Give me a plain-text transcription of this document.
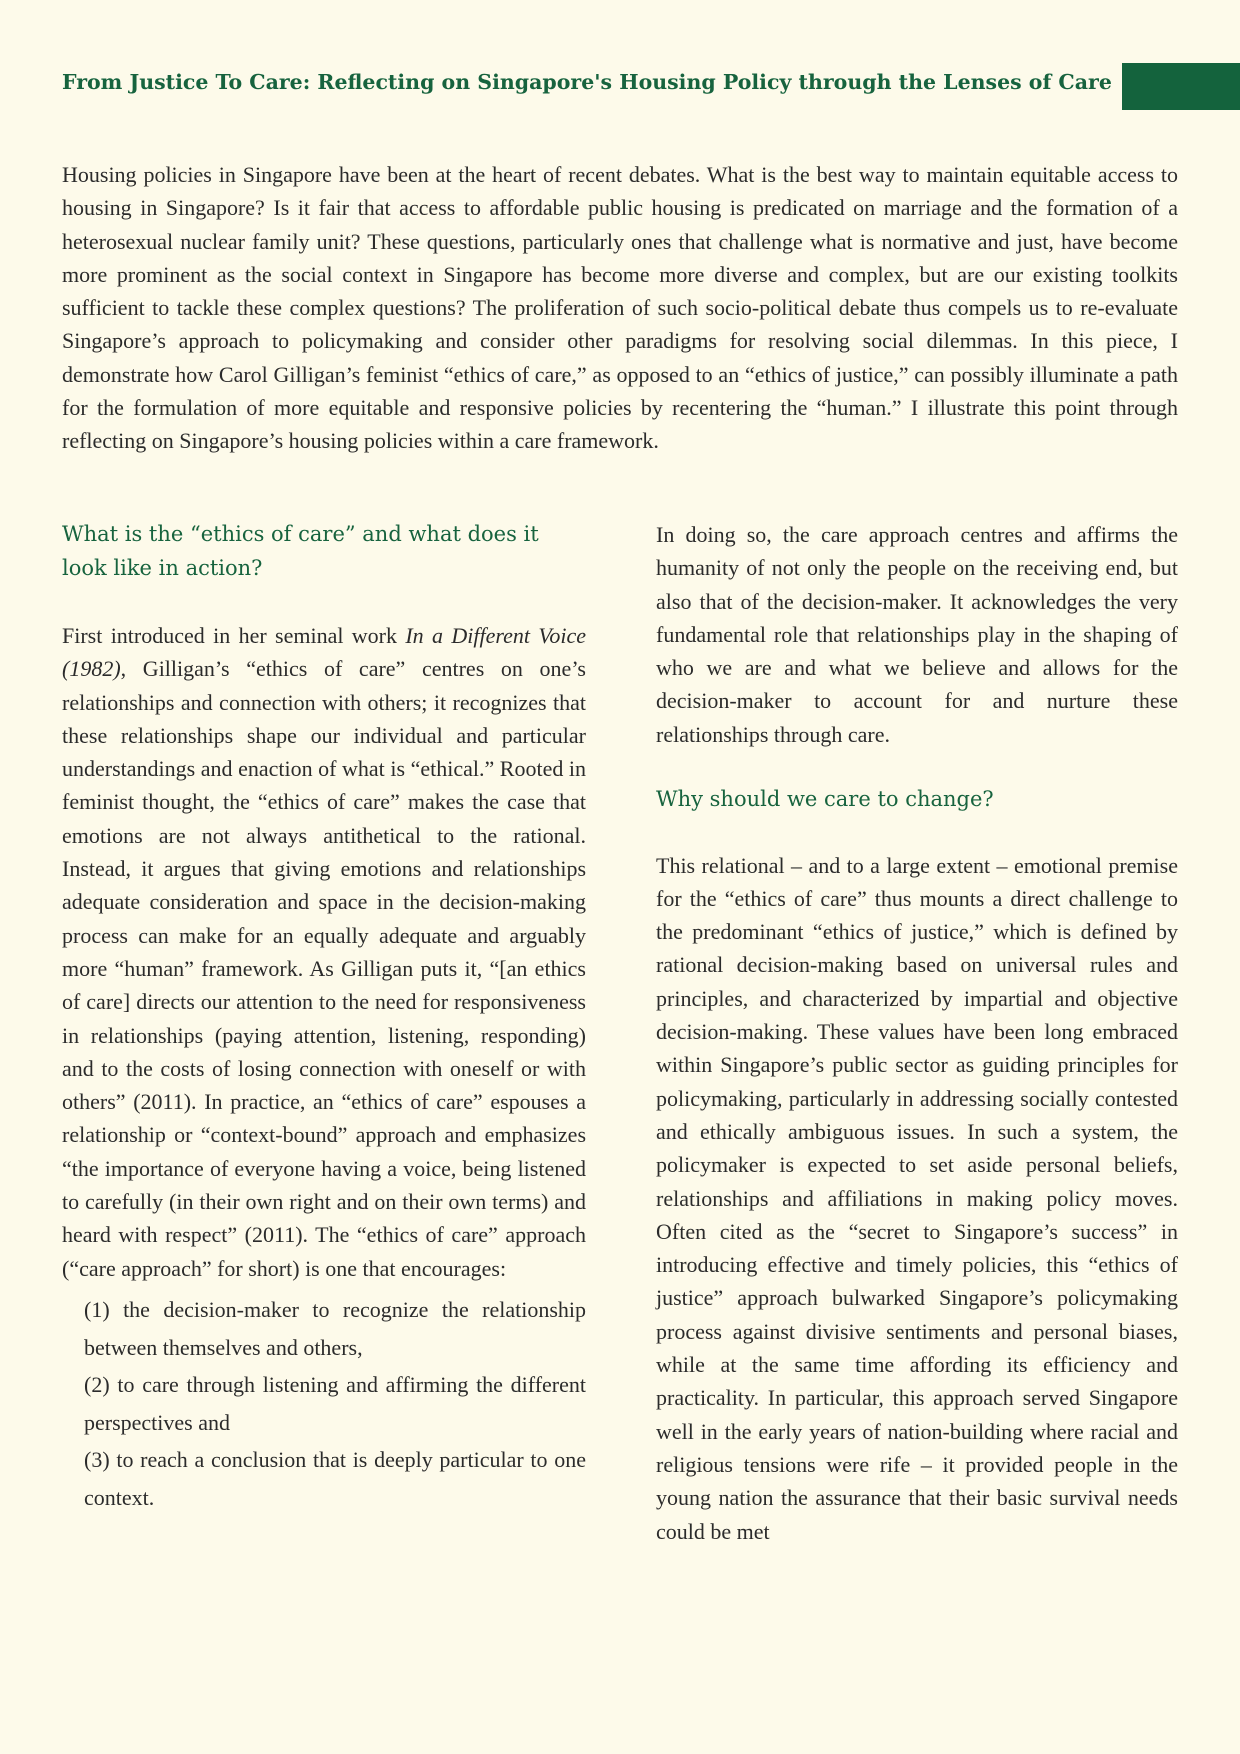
From Justice To Care: Reflecting on Singapore's Housing Policy through the Lenses of Care

Housing policies in Singapore have been at the heart of recent debates. What is the best way to maintain equitable access to housing in Singapore? Is it fair that access to affordable public housing is predicated on marriage and the formation of a heterosexual nuclear family unit? These questions, particularly ones that challenge what is normative and just, have become more prominent as the social context in Singapore has become more diverse and complex, but are our existing toolkits sufficient to tackle these complex questions? The proliferation of such socio-political debate thus compels us to re-evaluate Singapore’s approach to policymaking and consider other paradigms for resolving social dilemmas. In this piece, I demonstrate how Carol Gilligan’s feminist “ethics of care,” as opposed to an “ethics of justice,” can possibly illuminate a path for the formulation of more equitable and responsive policies by recentering the “human.” I illustrate this point through reflecting on Singapore’s housing policies within a care framework.

What is the “ethics of care” and what does it look like in action?

First introduced in her seminal work In a Different Voice (1982), Gilligan’s “ethics of care” centres on one’s relationships and connection with others; it recognizes that these relationships shape our individual and particular understandings and enaction of what is “ethical.” Rooted in feminist thought, the “ethics of care” makes the case that emotions are not always antithetical to the rational. Instead, it argues that giving emotions and relationships adequate consideration and space in the decision-making process can make for an equally adequate and arguably more “human” framework. As Gilligan puts it, “[an ethics of care] directs our attention to the need for responsiveness in relationships (paying attention, listening, responding) and to the costs of losing connection with oneself or with others” (2011). In practice, an “ethics of care” espouses a relationship or “context-bound” approach and emphasizes “the importance of everyone having a voice, being listened to carefully (in their own right and on their own terms) and heard with respect” (2011). The “ethics of care” approach (“care approach” for short) is one that encourages:

(1) the decision-maker to recognize the relationship between themselves and others,
(2) to care through listening and affirming the different perspectives and
(3) to reach a conclusion that is deeply particular to one context.

In doing so, the care approach centres and affirms the humanity of not only the people on the receiving end, but also that of the decision-maker. It acknowledges the very fundamental role that relationships play in the shaping of who we are and what we believe and allows for the decision-maker to account for and nurture these relationships through care.

Why should we care to change?

This relational – and to a large extent – emotional premise for the “ethics of care” thus mounts a direct challenge to the predominant “ethics of justice,” which is defined by rational decision-making based on universal rules and principles, and characterized by impartial and objective decision-making. These values have been long embraced within Singapore’s public sector as guiding principles for policymaking, particularly in addressing socially contested and ethically ambiguous issues. In such a system, the policymaker is expected to set aside personal beliefs, relationships and affiliations in making policy moves. Often cited as the “secret to Singapore’s success” in introducing effective and timely policies, this “ethics of justice” approach bulwarked Singapore’s policymaking process against divisive sentiments and personal biases, while at the same time affording its efficiency and practicality. In particular, this approach served Singapore well in the early years of nation-building where racial and religious tensions were rife – it provided people in the young nation the assurance that their basic survival needs could be met
